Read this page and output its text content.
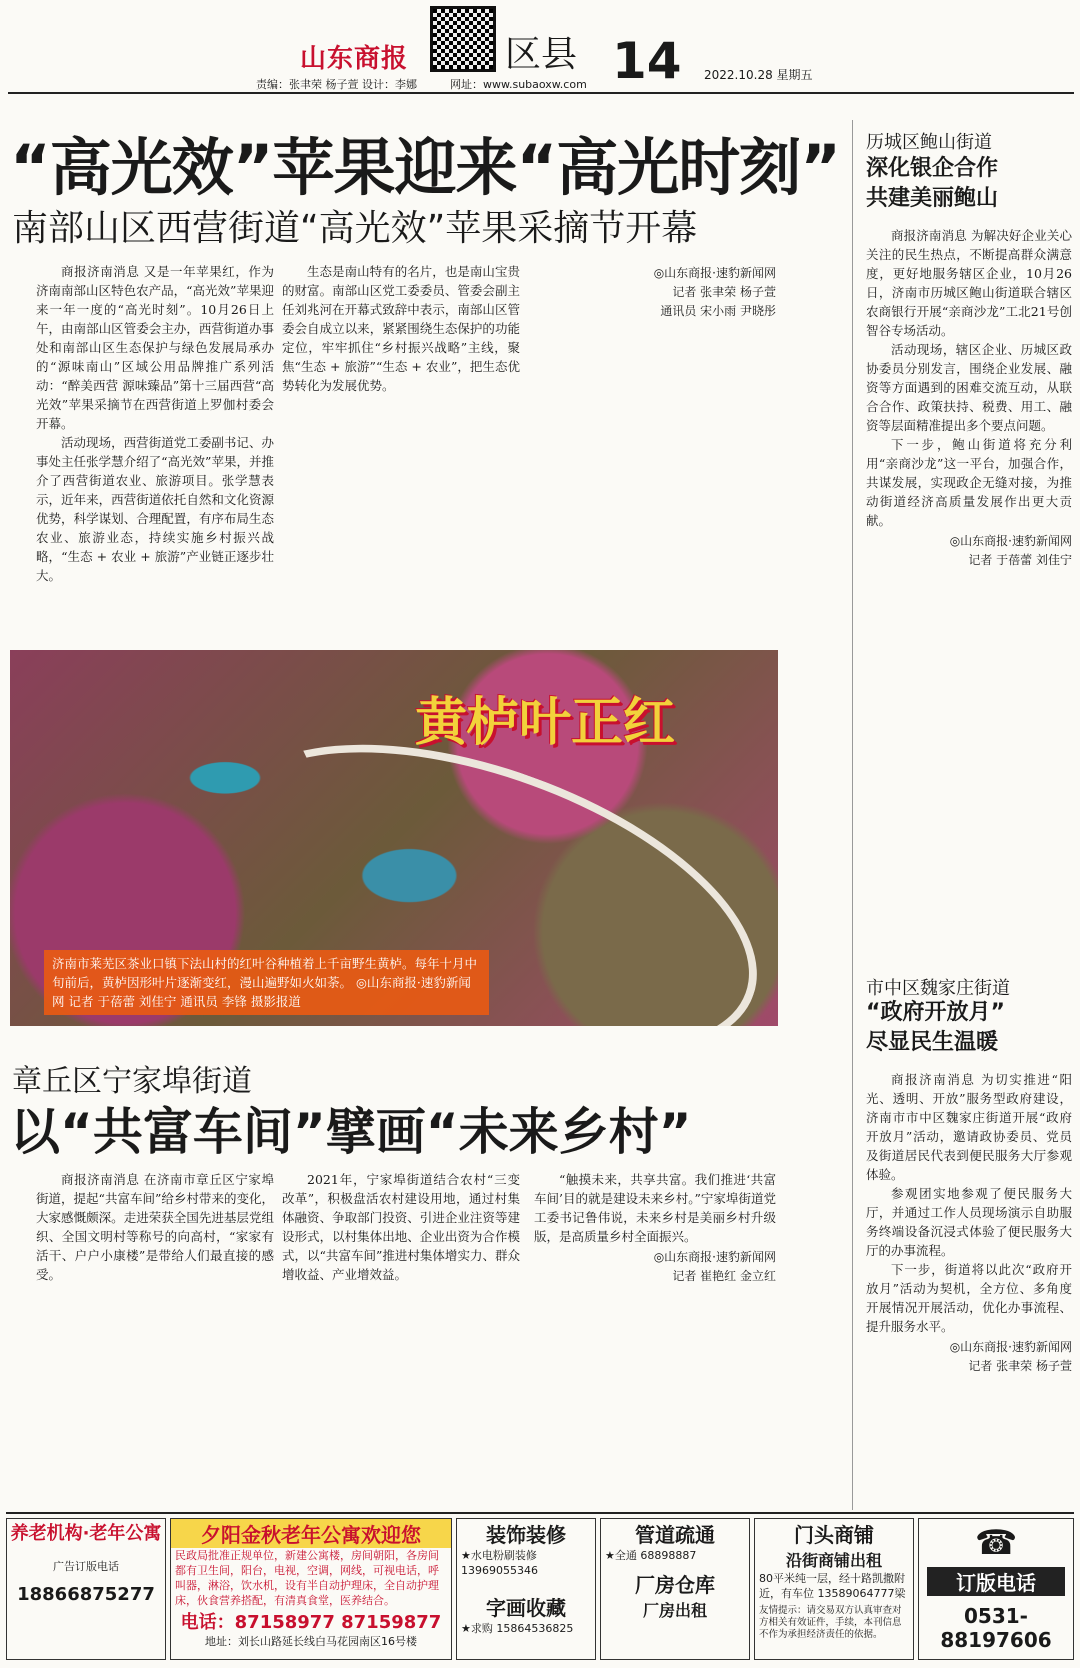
山东商报	区县 14 2022.10.28 星期五
责编：张聿荣 杨子萱 设计：李娜	网址：www.subaoxw.com
“高光效”苹果迎来“高光时刻”
南部山区西营街道“高光效”苹果采摘节开幕

商报济南消息 又是一年苹果红，作为济南南部山区特色农产品，“高光效”苹果迎来一年一度的“高光时刻”。10月26日上午，由南部山区管委会主办，西营街道办事处和南部山区生态保护与绿色发展局承办的“源味南山”区域公用品牌推广系列活动：“醉美西营 源味臻品”第十三届西营“高光效”苹果采摘节在西营街道上罗伽村委会开幕。

活动现场，西营街道党工委副书记、办事处主任张学慧介绍了“高光效”苹果，并推介了西营街道农业、旅游项目。张学慧表示，近年来，西营街道依托自然和文化资源优势，科学谋划、合理配置，有序布局生态农业、旅游业态，持续实施乡村振兴战略，“生态 + 农业 + 旅游”产业链正逐步壮大。

生态是南山特有的名片，也是南山宝贵的财富。南部山区党工委委员、管委会副主任刘兆河在开幕式致辞中表示，南部山区管委会自成立以来，紧紧围绕生态保护的功能定位，牢牢抓住“乡村振兴战略”主线，聚焦“生态 + 旅游”“生态 + 农业”，把生态优势转化为发展优势。

◎山东商报·速豹新闻网
记者 张聿荣 杨子萱
通讯员 宋小雨 尹晓彤
黄栌叶正红
济南市莱芜区茶业口镇下法山村的红叶谷种植着上千亩野生黄栌。每年十月中旬前后，黄栌因形叶片逐渐变红，漫山遍野如火如荼。 ◎山东商报·速豹新闻网 记者 于蓓蕾 刘佳宁 通讯员 李锋 摄影报道
章丘区宁家埠街道
以“共富车间”擘画“未来乡村”

商报济南消息 在济南市章丘区宁家埠街道，提起“共富车间”给乡村带来的变化，大家感慨颇深。走进荣获全国先进基层党组织、全国文明村等称号的向高村，“家家有活干、户户小康楼”是带给人们最直接的感受。

2021年，宁家埠街道结合农村“三变改革”，积极盘活农村建设用地，通过村集体融资、争取部门投资、引进企业注资等建设形式，以村集体出地、企业出资为合作模式，以“共富车间”推进村集体增实力、群众增收益、产业增效益。

“触摸未来，共享共富。我们推进‘共富车间’目的就是建设未来乡村。”宁家埠街道党工委书记鲁伟说，未来乡村是美丽乡村升级版，是高质量乡村全面振兴。

◎山东商报·速豹新闻网
记者 崔艳红 金立红
历城区鲍山街道
深化银企合作
共建美丽鲍山

商报济南消息 为解决好企业关心关注的民生热点，不断提高群众满意度，更好地服务辖区企业，10月26日，济南市历城区鲍山街道联合辖区农商银行开展“亲商沙龙”工北21号创智谷专场活动。

活动现场，辖区企业、历城区政协委员分别发言，围绕企业发展、融资等方面遇到的困难交流互动，从联合合作、政策扶持、税费、用工、融资等层面精准提出多个要点问题。

下一步，鲍山街道将充分利用“亲商沙龙”这一平台，加强合作，共谋发展，实现政企无缝对接，为推动街道经济高质量发展作出更大贡献。

◎山东商报·速豹新闻网
记者 于蓓蕾 刘佳宁
市中区魏家庄街道
“政府开放月”
尽显民生温暖

商报济南消息 为切实推进“阳光、透明、开放”服务型政府建设，济南市市中区魏家庄街道开展“政府开放月”活动，邀请政协委员、党员及街道居民代表到便民服务大厅参观体验。

参观团实地参观了便民服务大厅，并通过工作人员现场演示自助服务终端设备沉浸式体验了便民服务大厅的办事流程。

下一步，街道将以此次“政府开放月”活动为契机，全方位、多角度开展情况开展活动，优化办事流程、提升服务水平。

◎山东商报·速豹新闻网
记者 张聿荣 杨子萱
养老机构·老年公寓
广告订版电话
18866875277
夕阳金秋老年公寓欢迎您
民政局批准正规单位，新建公寓楼，房间朝阳，各房间都有卫生间，阳台，电视，空调，网线，可视电话，呼叫器，淋浴，饮水机，设有半自动护理床，全自动护理床，伙食营养搭配，有清真食堂，医养结合。
电话：87158977 87159877
地址：刘长山路延长线白马花园南区16号楼
装饰装修
★水电粉刷装修
13969055346
字画收藏
★求购 15864536825
管道疏通
★全通 68898887
厂房仓库
厂房出租
门头商铺
沿街商铺出租
80平米纯一层，经十路凯撒附近，有车位 13589064777梁
友情提示：请交易双方认真审查对方相关有效证件，手续，本刊信息不作为承担经济责任的依据。
☎
订版电话
0531-88197606
